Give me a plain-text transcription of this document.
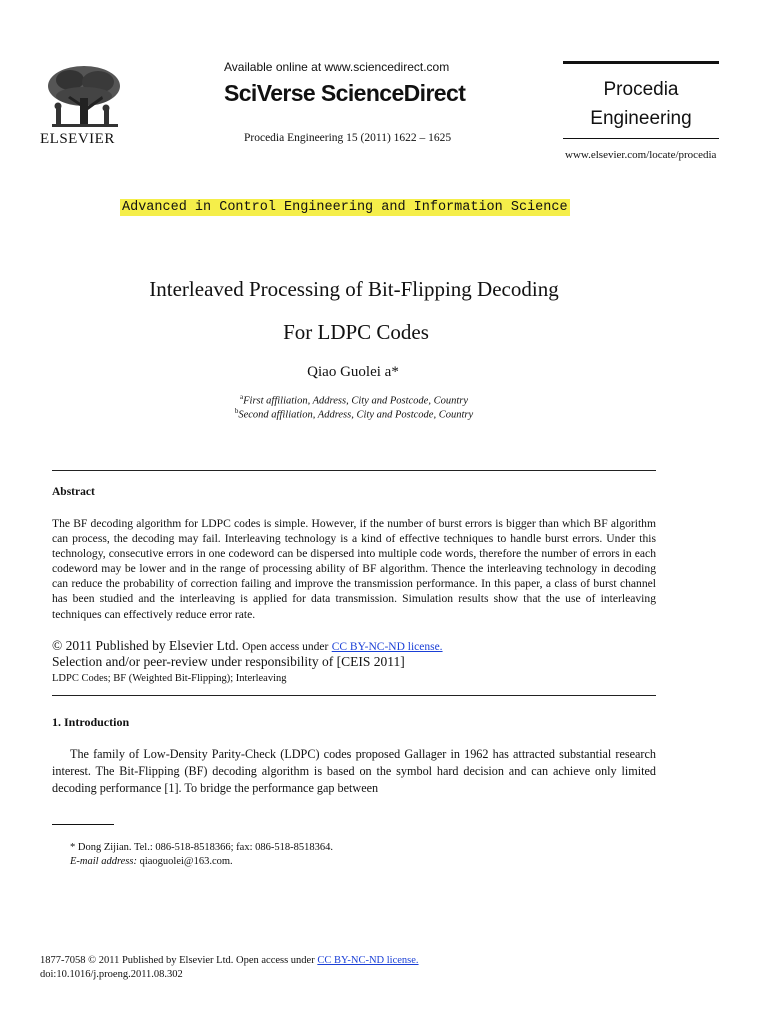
ELSEVIER
Available online at www.sciencedirect.com
SciVerse ScienceDirect
Procedia Engineering 15 (2011) 1622 – 1625
Procedia
Engineering
www.elsevier.com/locate/procedia
Advanced in Control Engineering and Information Science
Interleaved Processing of Bit-Flipping Decoding
For LDPC Codes
Qiao Guolei a*
$^a$First affiliation, Address, City and Postcode, Country
$^b$Second affiliation, Address, City and Postcode, Country
Abstract
The BF decoding algorithm for LDPC codes is simple. However, if the number of burst errors is bigger than which BF algorithm can process, the decoding may fail. Interleaving technology is a kind of effective techniques to handle burst errors. Under this technology, consecutive errors in one codeword can be dispersed into multiple code words, therefore the number of errors in each codeword may be lower and in the range of processing ability of BF algorithm. Thence the interleaving technology in decoding can reduce the probability of correction failing and improve the transmission performance. In this paper, a class of burst channel has been studied and the interleaving is applied for data transmission. Simulation results show that the use of interleaving techniques can effectively reduce error rate.
© 2011 Published by Elsevier Ltd. Open access under CC BY-NC-ND license.
Selection and/or peer-review under responsibility of [CEIS 2011]
LDPC Codes; BF (Weighted Bit-Flipping); Interleaving
1. Introduction
The family of Low-Density Parity-Check (LDPC) codes proposed Gallager in 1962 has attracted substantial research interest. The Bit-Flipping (BF) decoding algorithm is based on the symbol hard decision and can achieve only limited decoding performance [1]. To bridge the performance gap between
* Dong Zijian. Tel.: 086-518-8518366; fax: 086-518-8518364.
E-mail address: qiaoguolei@163.com.
1877-7058 © 2011 Published by Elsevier Ltd. Open access under CC BY-NC-ND license.
doi:10.1016/j.proeng.2011.08.302
